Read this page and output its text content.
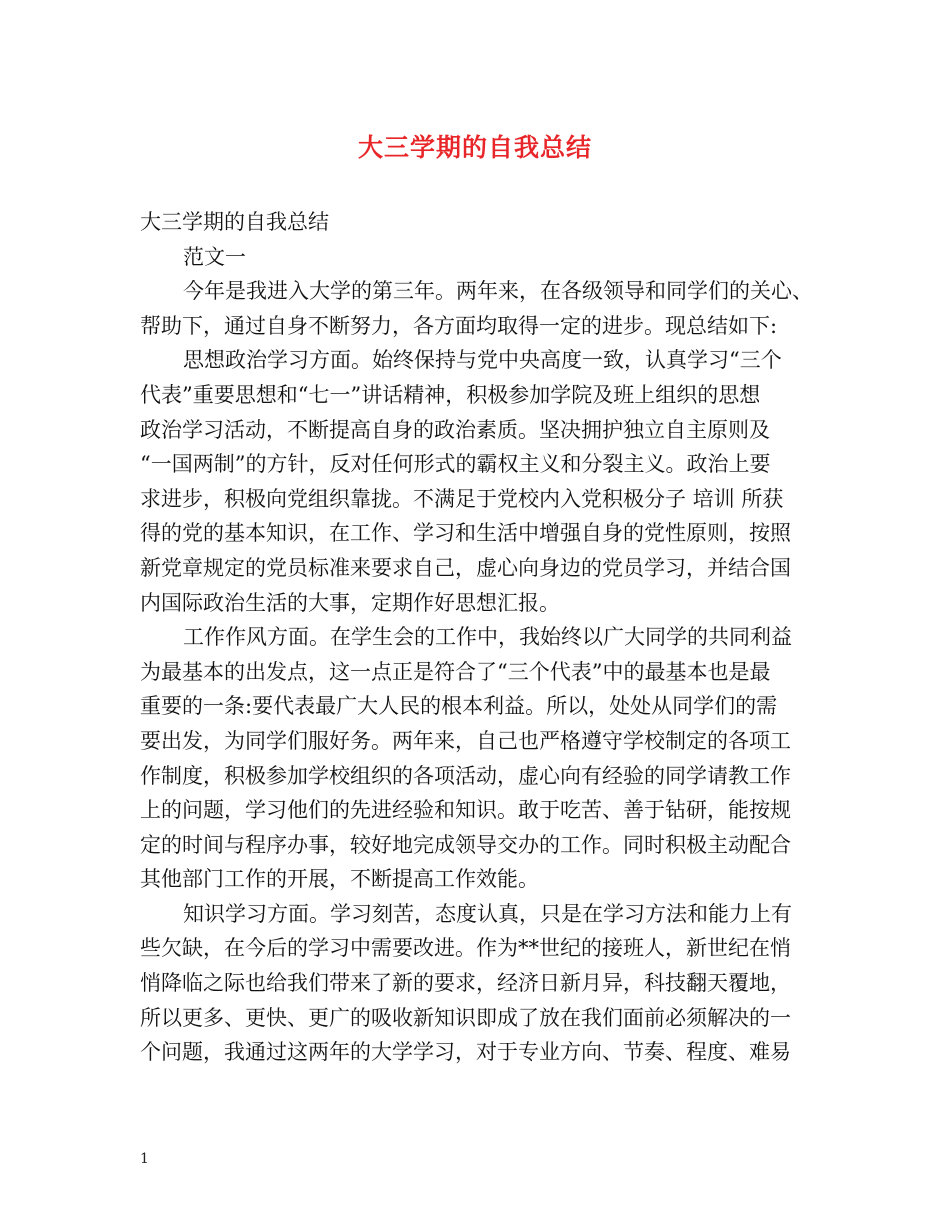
大三学期的自我总结
大三学期的自我总结
范文一
今年是我进入大学的第三年。两年来，在各级领导和同学们的关心、
帮助下，通过自身不断努力，各方面均取得一定的进步。现总结如下:
思想政治学习方面。始终保持与党中央高度一致，认真学习“三个
代表”重要思想和“七一”讲话精神，积极参加学院及班上组织的思想
政治学习活动，不断提高自身的政治素质。坚决拥护独立自主原则及
“一国两制”的方针，反对任何形式的霸权主义和分裂主义。政治上要
求进步，积极向党组织靠拢。不满足于党校内入党积极分子 培训 所获
得的党的基本知识，在工作、学习和生活中增强自身的党性原则，按照
新党章规定的党员标准来要求自己，虚心向身边的党员学习，并结合国
内国际政治生活的大事，定期作好思想汇报。
工作作风方面。在学生会的工作中，我始终以广大同学的共同利益
为最基本的出发点，这一点正是符合了“三个代表”中的最基本也是最
重要的一条:要代表最广大人民的根本利益。所以，处处从同学们的需
要出发，为同学们服好务。两年来，自己也严格遵守学校制定的各项工
作制度，积极参加学校组织的各项活动，虚心向有经验的同学请教工作
上的问题，学习他们的先进经验和知识。敢于吃苦、善于钻研，能按规
定的时间与程序办事，较好地完成领导交办的工作。同时积极主动配合
其他部门工作的开展，不断提高工作效能。
知识学习方面。学习刻苦，态度认真，只是在学习方法和能力上有
些欠缺，在今后的学习中需要改进。作为**世纪的接班人，新世纪在悄
悄降临之际也给我们带来了新的要求，经济日新月异，科技翻天覆地，
所以更多、更快、更广的吸收新知识即成了放在我们面前必须解决的一
个问题，我通过这两年的大学学习，对于专业方向、节奏、程度、难易
1
